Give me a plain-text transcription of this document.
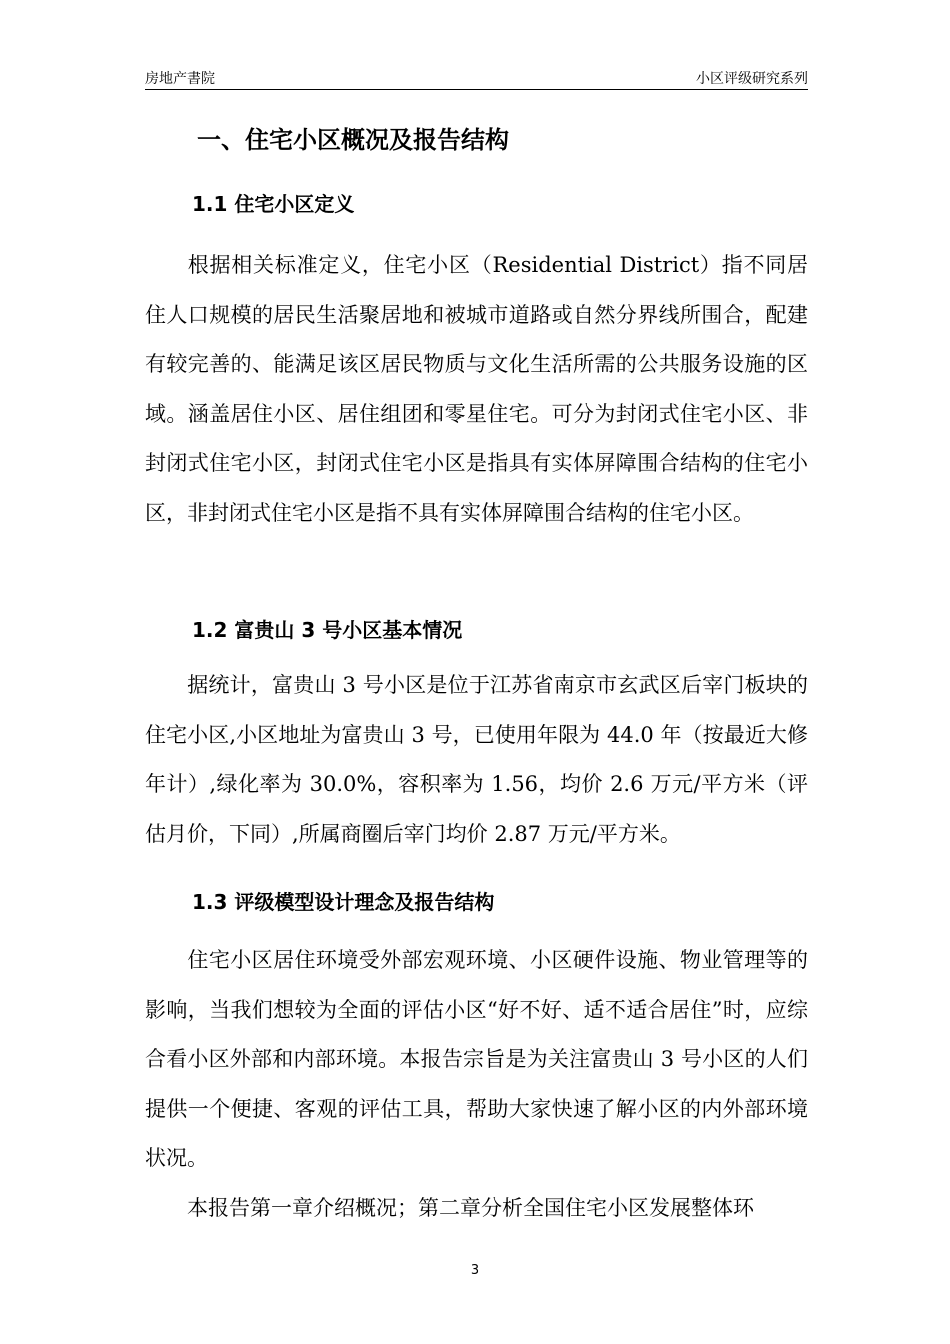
房地产書院	小区评级研究系列
一、住宅小区概况及报告结构
1.1 住宅小区定义

根据相关标准定义，住宅小区（Residential District）指不同居住人口规模的居民生活聚居地和被城市道路或自然分界线所围合，配建有较完善的、能满足该区居民物质与文化生活所需的公共服务设施的区域。涵盖居住小区、居住组团和零星住宅。可分为封闭式住宅小区、非封闭式住宅小区，封闭式住宅小区是指具有实体屏障围合结构的住宅小区，非封闭式住宅小区是指不具有实体屏障围合结构的住宅小区。

1.2 富贵山 3 号小区基本情况

据统计，富贵山 3 号小区是位于江苏省南京市玄武区后宰门板块的住宅小区,小区地址为富贵山 3 号，已使用年限为 44.0 年（按最近大修年计）,绿化率为 30.0%，容积率为 1.56，均价 2.6 万元/平方米（评估月价，下同）,所属商圈后宰门均价 2.87 万元/平方米。

1.3 评级模型设计理念及报告结构

住宅小区居住环境受外部宏观环境、小区硬件设施、物业管理等的影响，当我们想较为全面的评估小区“好不好、适不适合居住”时，应综合看小区外部和内部环境。本报告宗旨是为关注富贵山 3 号小区的人们提供一个便捷、客观的评估工具，帮助大家快速了解小区的内外部环境状况。

本报告第一章介绍概况；第二章分析全国住宅小区发展整体环

3
